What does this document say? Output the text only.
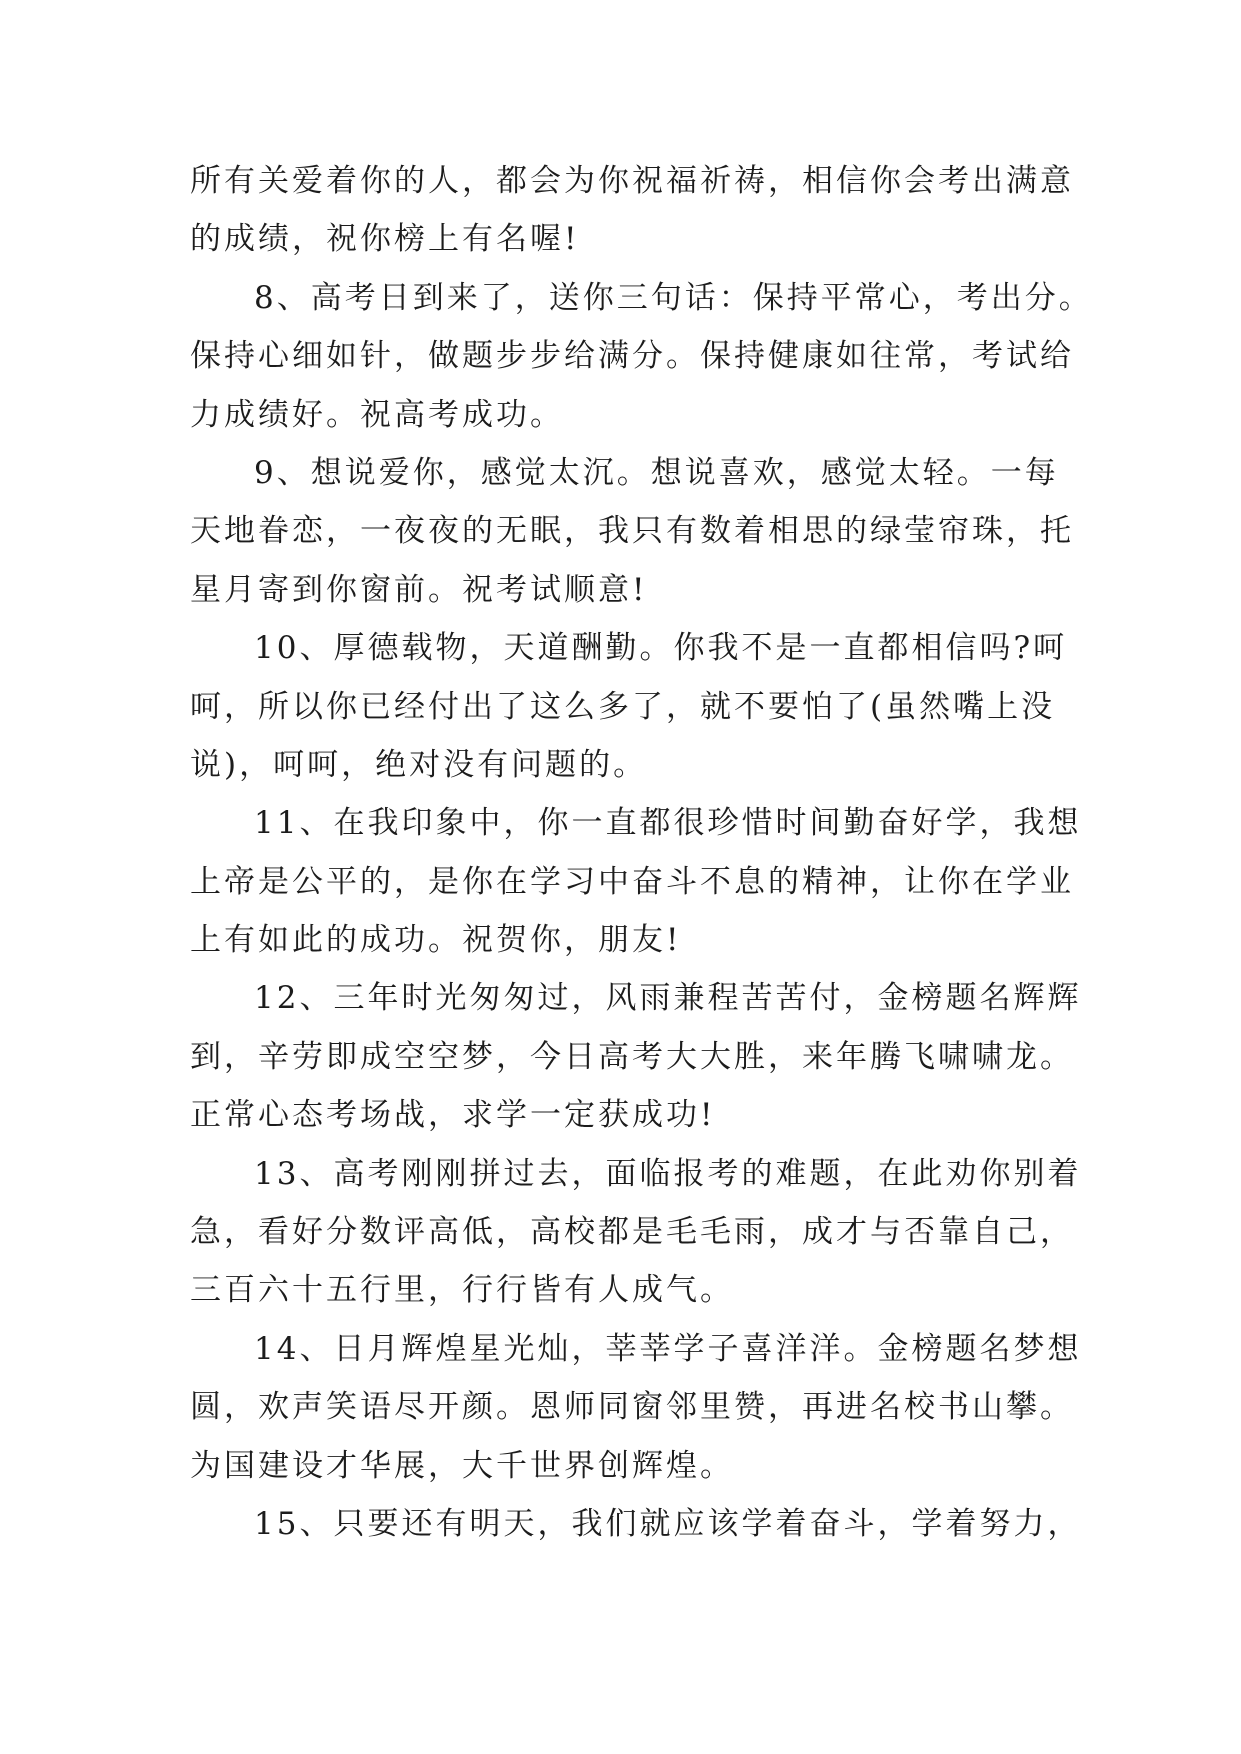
所有关爱着你的人，都会为你祝福祈祷，相信你会考出满意
的成绩，祝你榜上有名喔!
8、高考日到来了，送你三句话：保持平常心，考出分。
保持心细如针，做题步步给满分。保持健康如往常，考试给
力成绩好。祝高考成功。
9、想说爱你，感觉太沉。想说喜欢，感觉太轻。一每
天地眷恋，一夜夜的无眠，我只有数着相思的绿莹帘珠，托
星月寄到你窗前。祝考试顺意!
10、厚德载物，天道酬勤。你我不是一直都相信吗?呵
呵，所以你已经付出了这么多了，就不要怕了(虽然嘴上没
说)，呵呵，绝对没有问题的。
11、在我印象中，你一直都很珍惜时间勤奋好学，我想
上帝是公平的，是你在学习中奋斗不息的精神，让你在学业
上有如此的成功。祝贺你，朋友!
12、三年时光匆匆过，风雨兼程苦苦付，金榜题名辉辉
到，辛劳即成空空梦，今日高考大大胜，来年腾飞啸啸龙。
正常心态考场战，求学一定获成功!
13、高考刚刚拼过去，面临报考的难题，在此劝你别着
急，看好分数评高低，高校都是毛毛雨，成才与否靠自己，
三百六十五行里，行行皆有人成气。
14、日月辉煌星光灿，莘莘学子喜洋洋。金榜题名梦想
圆，欢声笑语尽开颜。恩师同窗邻里赞，再进名校书山攀。
为国建设才华展，大千世界创辉煌。
15、只要还有明天，我们就应该学着奋斗，学着努力，
